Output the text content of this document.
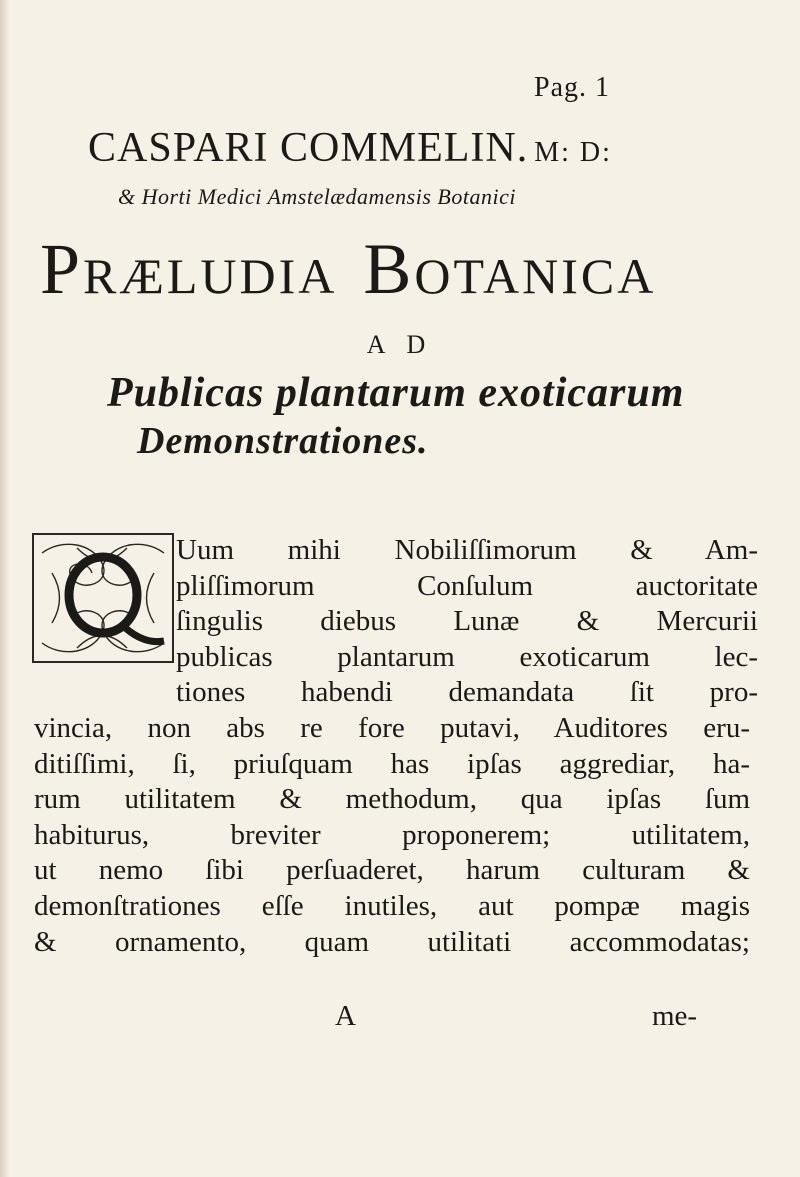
Pag. 1
CASPARI COMMELIN. M: D:
& Horti Medici Amstelædamensis Botanici
PRÆLUDIA BOTANICA
A D
Publicas plantarum exoticarum
Demonstrationes.
Q
Uum mihi Nobiliſſimorum & Am-
pliſſimorum Conſulum auctoritate
ſingulis diebus Lunæ & Mercurii
publicas plantarum exoticarum lec-
tiones habendi demandata ſit pro-
vincia, non abs re fore putavi, Auditores eru-
ditiſſimi, ſi, priuſquam has ipſas aggrediar, ha-
rum utilitatem & methodum, qua ipſas ſum
habiturus, breviter proponerem; utilitatem,
ut nemo ſibi perſuaderet, harum culturam &
demonſtrationes eſſe inutiles, aut pompæ magis
& ornamento, quam utilitati accommodatas;
A	me-
